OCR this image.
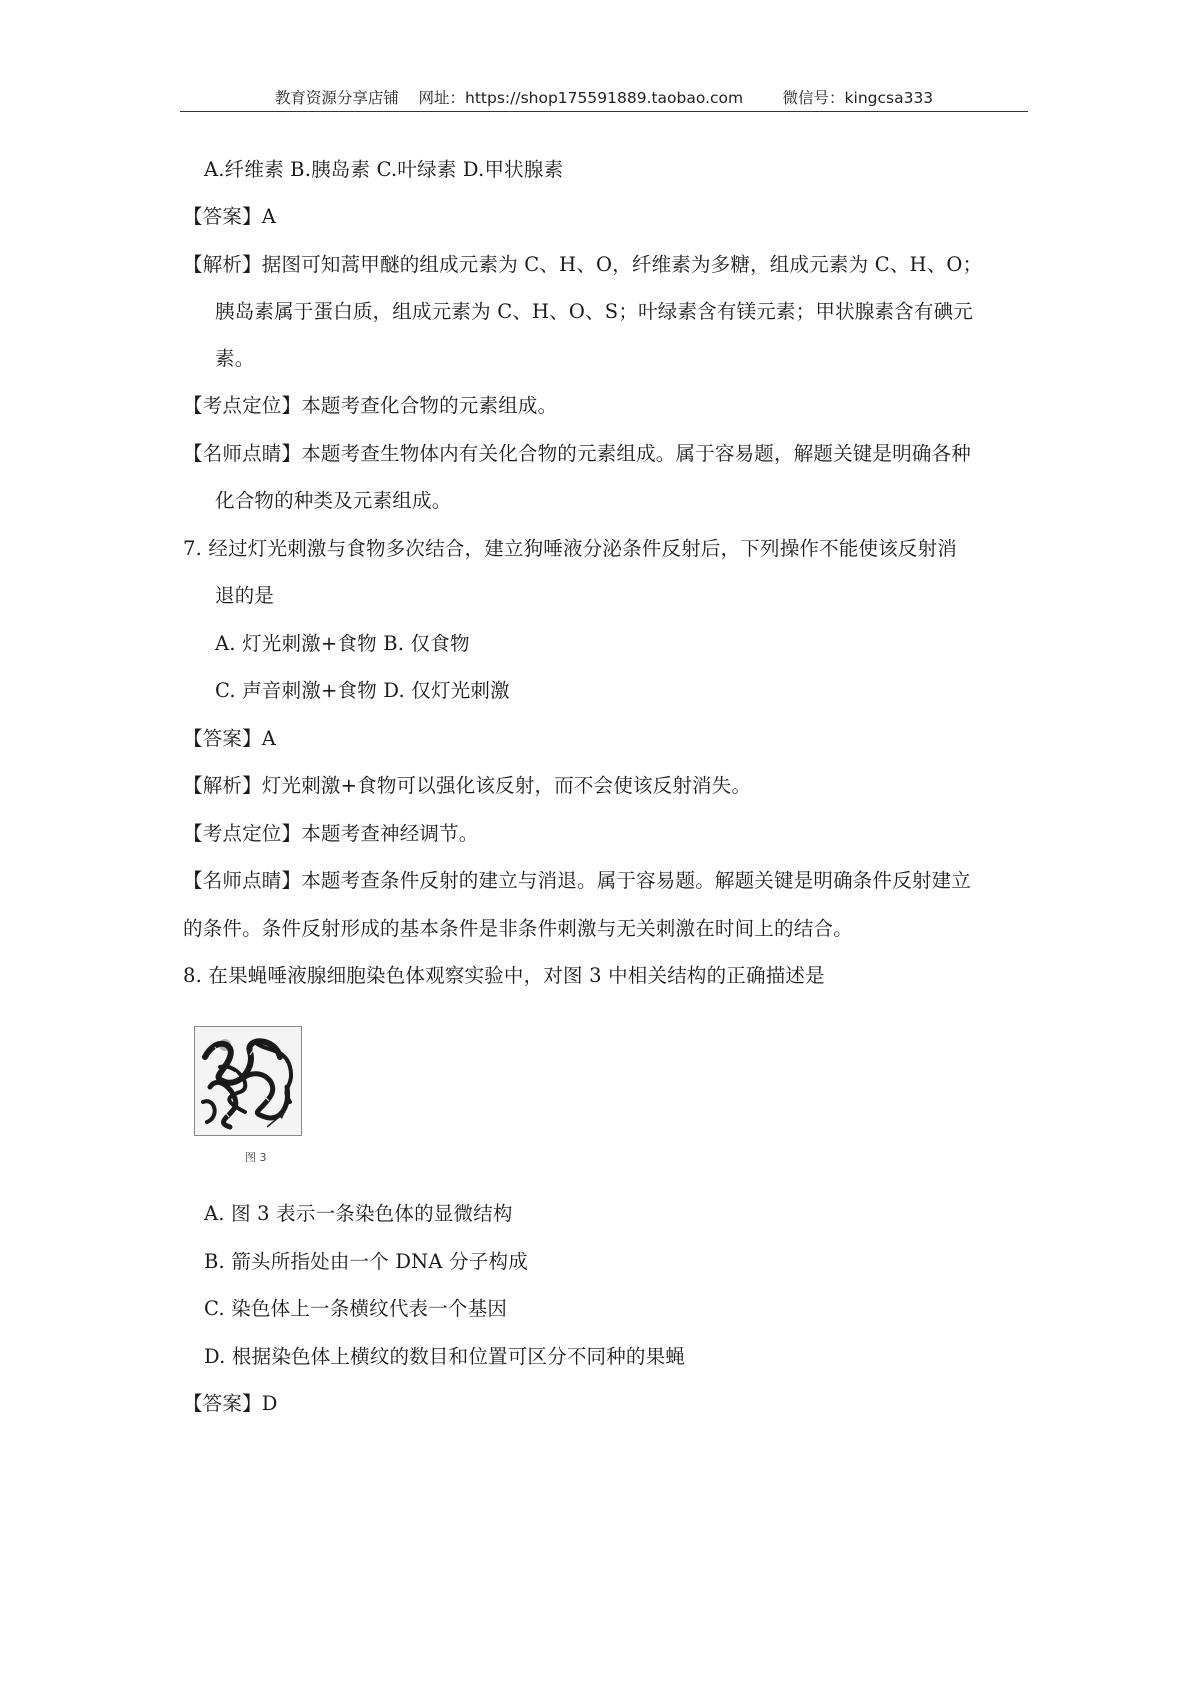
教育资源分享店铺    网址：https://shop175591889.taobao.com        微信号：kingcsa333
A.纤维素 B.胰岛素 C.叶绿素 D.甲状腺素
【答案】A
【解析】据图可知蒿甲醚的组成元素为 C、H、O，纤维素为多糖，组成元素为 C、H、O；
胰岛素属于蛋白质，组成元素为 C、H、O、S；叶绿素含有镁元素；甲状腺素含有碘元
素。
【考点定位】本题考查化合物的元素组成。
【名师点睛】本题考查生物体内有关化合物的元素组成。属于容易题，解题关键是明确各种
化合物的种类及元素组成。
7. 经过灯光刺激与食物多次结合，建立狗唾液分泌条件反射后，下列操作不能使该反射消
退的是
A. 灯光刺激+食物 B. 仅食物
C. 声音刺激+食物 D. 仅灯光刺激
【答案】A
【解析】灯光刺激+食物可以强化该反射，而不会使该反射消失。
【考点定位】本题考查神经调节。
【名师点睛】本题考查条件反射的建立与消退。属于容易题。解题关键是明确条件反射建立
的条件。条件反射形成的基本条件是非条件刺激与无关刺激在时间上的结合。
8. 在果蝇唾液腺细胞染色体观察实验中，对图 3 中相关结构的正确描述是
图 3
A. 图 3 表示一条染色体的显微结构
B. 箭头所指处由一个 DNA 分子构成
C. 染色体上一条横纹代表一个基因
D. 根据染色体上横纹的数目和位置可区分不同种的果蝇
【答案】D
